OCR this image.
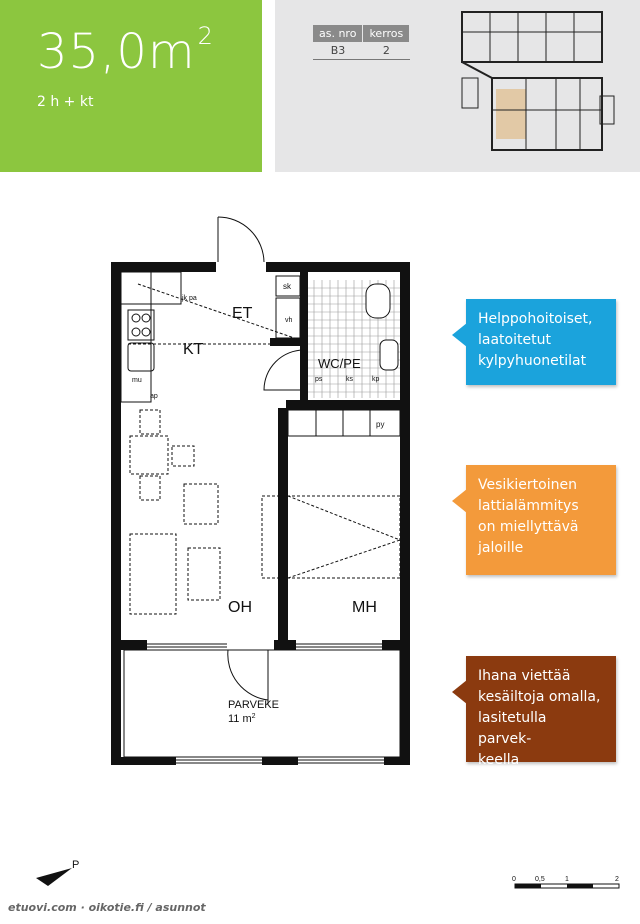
$35,0m^2$
2 h + kt
as. nro	kerros
B3	2
ET
KT
WC/PE
OH	MH
PARVEKE
11 $m^2$
sk
vh
jk pa
mu
ap
py
kp
ps	ks
Helppohoitoiset,
laatoitetut
kylpyhuonetilat
Vesikiertoinen
lattialämmitys
on miellyttävä
jaloille
Ihana viettää
kesäiltoja omalla,
lasitetulla parvek-
keella
P
0	0,5	1	2
etuovi.com · oikotie.fi / asunnot
